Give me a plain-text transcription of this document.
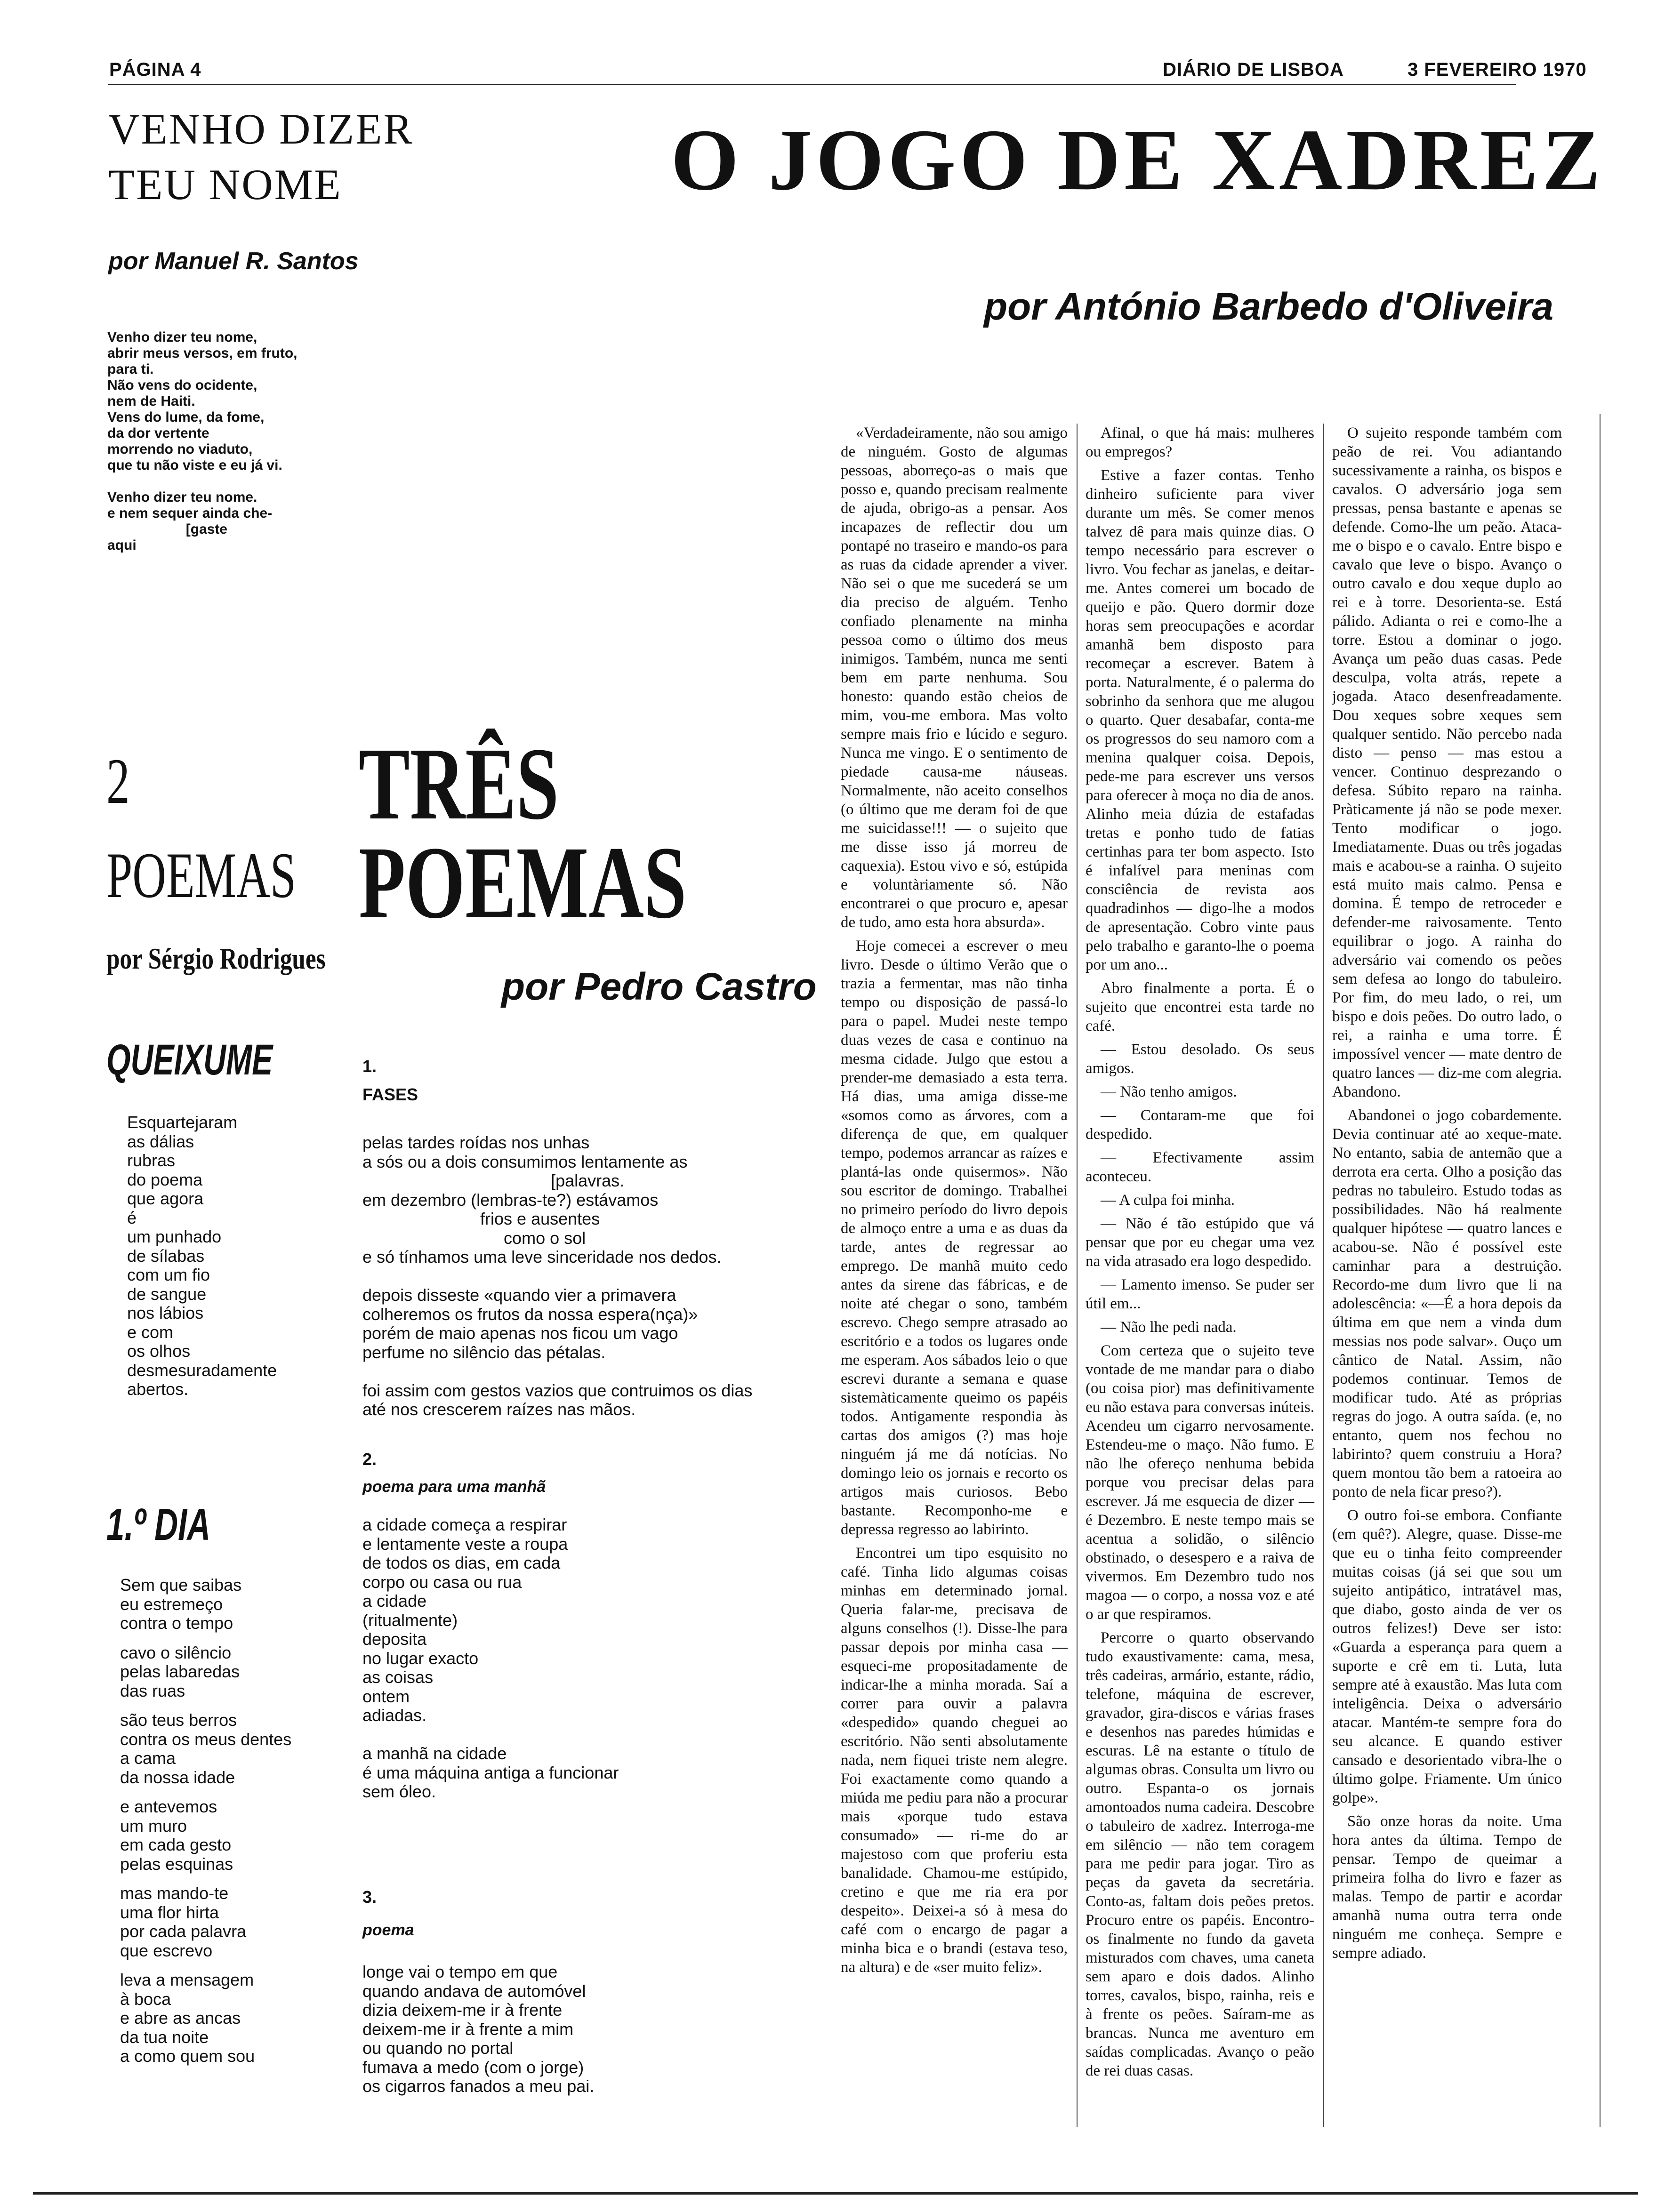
PÁGINA 4	DIÁRIO DE LISBOA	3 FEVEREIRO 1970
VENHO DIZER
TEU NOME
por Manuel R. Santos
Venho dizer teu nome,
abrir meus versos, em fruto,
para ti.
Não vens do ocidente,
nem de Haiti.
Vens do lume, da fome,
da dor vertente
morrendo no viaduto,
que tu não viste e eu já vi.

Venho dizer teu nome.
e nem sequer ainda che-
[gaste
aqui
O JOGO DE XADREZ
por António Barbedo d'Oliveira

«Verdadeiramente, não sou amigo de ninguém. Gosto de algumas pessoas, aborreço-as o mais que posso e, quando precisam realmente de ajuda, obrigo-as a pensar. Aos incapazes de reflectir dou um pontapé no traseiro e mando-os para as ruas da cidade aprender a viver. Não sei o que me sucederá se um dia preciso de alguém. Tenho confiado plenamente na minha pessoa como o último dos meus inimigos. Também, nunca me senti bem em parte nenhuma. Sou honesto: quando estão cheios de mim, vou-me embora. Mas volto sempre mais frio e lúcido e seguro. Nunca me vingo. E o sentimento de piedade causa-me náuseas. Normalmente, não aceito conselhos (o último que me deram foi de que me suicidasse!!! — o sujeito que me disse isso já morreu de caquexia). Estou vivo e só, estúpida e voluntàriamente só. Não encontrarei o que procuro e, apesar de tudo, amo esta hora absurda».

Hoje comecei a escrever o meu livro. Desde o último Verão que o trazia a fermentar, mas não tinha tempo ou disposição de passá-lo para o papel. Mudei neste tempo duas vezes de casa e continuo na mesma cidade. Julgo que estou a prender-me demasiado a esta terra. Há dias, uma amiga disse-me «somos como as árvores, com a diferença de que, em qualquer tempo, podemos arrancar as raízes e plantá-las onde quisermos». Não sou escritor de domingo. Trabalhei no primeiro período do livro depois de almoço entre a uma e as duas da tarde, antes de regressar ao emprego. De manhã muito cedo antes da sirene das fábricas, e de noite até chegar o sono, também escrevo. Chego sempre atrasado ao escritório e a todos os lugares onde me esperam. Aos sábados leio o que escrevi durante a semana e quase sistemàticamente queimo os papéis todos. Antigamente respondia às cartas dos amigos (?) mas hoje ninguém já me dá notícias. No domingo leio os jornais e recorto os artigos mais curiosos. Bebo bastante. Recomponho-me e depressa regresso ao labirinto.

Encontrei um tipo esquisito no café. Tinha lido algumas coisas minhas em determinado jornal. Queria falar-me, precisava de alguns conselhos (!). Disse-lhe para passar depois por minha casa — esqueci-me propositadamente de indicar-lhe a minha morada. Saí a correr para ouvir a palavra «despedido» quando cheguei ao escritório. Não senti absolutamente nada, nem fiquei triste nem alegre. Foi exactamente como quando a miúda me pediu para não a procurar mais «porque tudo estava consumado» — ri-me do ar majestoso com que proferiu esta banalidade. Chamou-me estúpido, cretino e que me ria era por despeito». Deixei-a só à mesa do café com o encargo de pagar a minha bica e o brandi (estava teso, na altura) e de «ser muito feliz».

Afinal, o que há mais: mulheres ou empregos?

Estive a fazer contas. Tenho dinheiro suficiente para viver durante um mês. Se comer menos talvez dê para mais quinze dias. O tempo necessário para escrever o livro. Vou fechar as janelas, e deitar-me. Antes comerei um bocado de queijo e pão. Quero dormir doze horas sem preocupações e acordar amanhã bem disposto para recomeçar a escrever. Batem à porta. Naturalmente, é o palerma do sobrinho da senhora que me alugou o quarto. Quer desabafar, conta-me os progressos do seu namoro com a menina qualquer coisa. Depois, pede-me para escrever uns versos para oferecer à moça no dia de anos. Alinho meia dúzia de estafadas tretas e ponho tudo de fatias certinhas para ter bom aspecto. Isto é infalível para meninas com consciência de revista aos quadradinhos — digo-lhe a modos de apresentação. Cobro vinte paus pelo trabalho e garanto-lhe o poema por um ano...

Abro finalmente a porta. É o sujeito que encontrei esta tarde no café.

— Estou desolado. Os seus amigos.

— Não tenho amigos.

— Contaram-me que foi despedido.

— Efectivamente assim aconteceu.

— A culpa foi minha.

— Não é tão estúpido que vá pensar que por eu chegar uma vez na vida atrasado era logo despedido.

— Lamento imenso. Se puder ser útil em...

— Não lhe pedi nada.

Com certeza que o sujeito teve vontade de me mandar para o diabo (ou coisa pior) mas definitivamente eu não estava para conversas inúteis. Acendeu um cigarro nervosamente. Estendeu-me o maço. Não fumo. E não lhe ofereço nenhuma bebida porque vou precisar delas para escrever. Já me esquecia de dizer — é Dezembro. E neste tempo mais se acentua a solidão, o silêncio obstinado, o desespero e a raiva de vivermos. Em Dezembro tudo nos magoa — o corpo, a nossa voz e até o ar que respiramos.

Percorre o quarto observando tudo exaustivamente: cama, mesa, três cadeiras, armário, estante, rádio, telefone, máquina de escrever, gravador, gira-discos e várias frases e desenhos nas paredes húmidas e escuras. Lê na estante o título de algumas obras. Consulta um livro ou outro. Espanta-o os jornais amontoados numa cadeira. Descobre o tabuleiro de xadrez. Interroga-me em silêncio — não tem coragem para me pedir para jogar. Tiro as peças da gaveta da secretária. Conto-as, faltam dois peões pretos. Procuro entre os papéis. Encontro-os finalmente no fundo da gaveta misturados com chaves, uma caneta sem aparo e dois dados. Alinho torres, cavalos, bispo, rainha, reis e à frente os peões. Saíram-me as brancas. Nunca me aventuro em saídas complicadas. Avanço o peão de rei duas casas.

O sujeito responde também com peão de rei. Vou adiantando sucessivamente a rainha, os bispos e cavalos. O adversário joga sem pressas, pensa bastante e apenas se defende. Como-lhe um peão. Ataca-me o bispo e o cavalo. Entre bispo e cavalo que leve o bispo. Avanço o outro cavalo e dou xeque duplo ao rei e à torre. Desorienta-se. Está pálido. Adianta o rei e como-lhe a torre. Estou a dominar o jogo. Avança um peão duas casas. Pede desculpa, volta atrás, repete a jogada. Ataco desenfreadamente. Dou xeques sobre xeques sem qualquer sentido. Não percebo nada disto — penso — mas estou a vencer. Continuo desprezando o defesa. Súbito reparo na rainha. Pràticamente já não se pode mexer. Tento modificar o jogo. Imediatamente. Duas ou três jogadas mais e acabou-se a rainha. O sujeito está muito mais calmo. Pensa e domina. É tempo de retroceder e defender-me raivosamente. Tento equilibrar o jogo. A rainha do adversário vai comendo os peões sem defesa ao longo do tabuleiro. Por fim, do meu lado, o rei, um bispo e dois peões. Do outro lado, o rei, a rainha e uma torre. É impossível vencer — mate dentro de quatro lances — diz-me com alegria. Abandono.

Abandonei o jogo cobardemente. Devia continuar até ao xeque-mate. No entanto, sabia de antemão que a derrota era certa. Olho a posição das pedras no tabuleiro. Estudo todas as possibilidades. Não há realmente qualquer hipótese — quatro lances e acabou-se. Não é possível este caminhar para a destruição. Recordo-me dum livro que li na adolescência: «—É a hora depois da última em que nem a vinda dum messias nos pode salvar». Ouço um cântico de Natal. Assim, não podemos continuar. Temos de modificar tudo. Até as próprias regras do jogo. A outra saída. (e, no entanto, quem nos fechou no labirinto? quem construiu a Hora? quem montou tão bem a ratoeira ao ponto de nela ficar preso?).

O outro foi-se embora. Confiante (em quê?). Alegre, quase. Disse-me que eu o tinha feito compreender muitas coisas (já sei que sou um sujeito antipático, intratável mas, que diabo, gosto ainda de ver os outros felizes!) Deve ser isto: «Guarda a esperança para quem a suporte e crê em ti. Luta, luta sempre até à exaustão. Mas luta com inteligência. Deixa o adversário atacar. Mantém-te sempre fora do seu alcance. E quando estiver cansado e desorientado vibra-lhe o último golpe. Friamente. Um único golpe».

São onze horas da noite. Uma hora antes da última. Tempo de pensar. Tempo de queimar a primeira folha do livro e fazer as malas. Tempo de partir e acordar amanhã numa outra terra onde ninguém me conheça. Sempre e sempre adiado.

2
POEMAS
por Sérgio Rodrigues
QUEIXUME
Esquartejaram
as dálias
rubras
do poema
que agora
é
um punhado
de sílabas
com um fio
de sangue
nos lábios
e com
os olhos
desmesuradamente
abertos.
1.º DIA
Sem que saibas
eu estremeço
contra o tempo
cavo o silêncio
pelas labaredas
das ruas
são teus berros
contra os meus dentes
a cama
da nossa idade
e antevemos
um muro
em cada gesto
pelas esquinas
mas mando-te
uma flor hirta
por cada palavra
que escrevo
leva a mensagem
à boca
e abre as ancas
da tua noite
a como quem sou
TRÊS
POEMAS
por Pedro Castro
1.
FASES
pelas tardes roídas nos unhas
a sós ou a dois consumimos lentamente as
[palavras.
em dezembro (lembras-te?) estávamos
frios e ausentes
como o sol
e só tínhamos uma leve sinceridade nos dedos.

depois disseste «quando vier a primavera
colheremos os frutos da nossa espera(nça)»
porém de maio apenas nos ficou um vago
perfume no silêncio das pétalas.

foi assim com gestos vazios que contruimos os dias
até nos crescerem raízes nas mãos.
2.
poema para uma manhã
a cidade começa a respirar
e lentamente veste a roupa
de todos os dias, em cada
corpo ou casa ou rua
a cidade
(ritualmente)
deposita
no lugar exacto
as coisas
ontem
adiadas.

a manhã na cidade
é uma máquina antiga a funcionar
sem óleo.
3.
poema
longe vai o tempo em que
quando andava de automóvel
dizia deixem-me ir à frente
deixem-me ir à frente a mim
ou quando no portal
fumava a medo (com o jorge)
os cigarros fanados a meu pai.
